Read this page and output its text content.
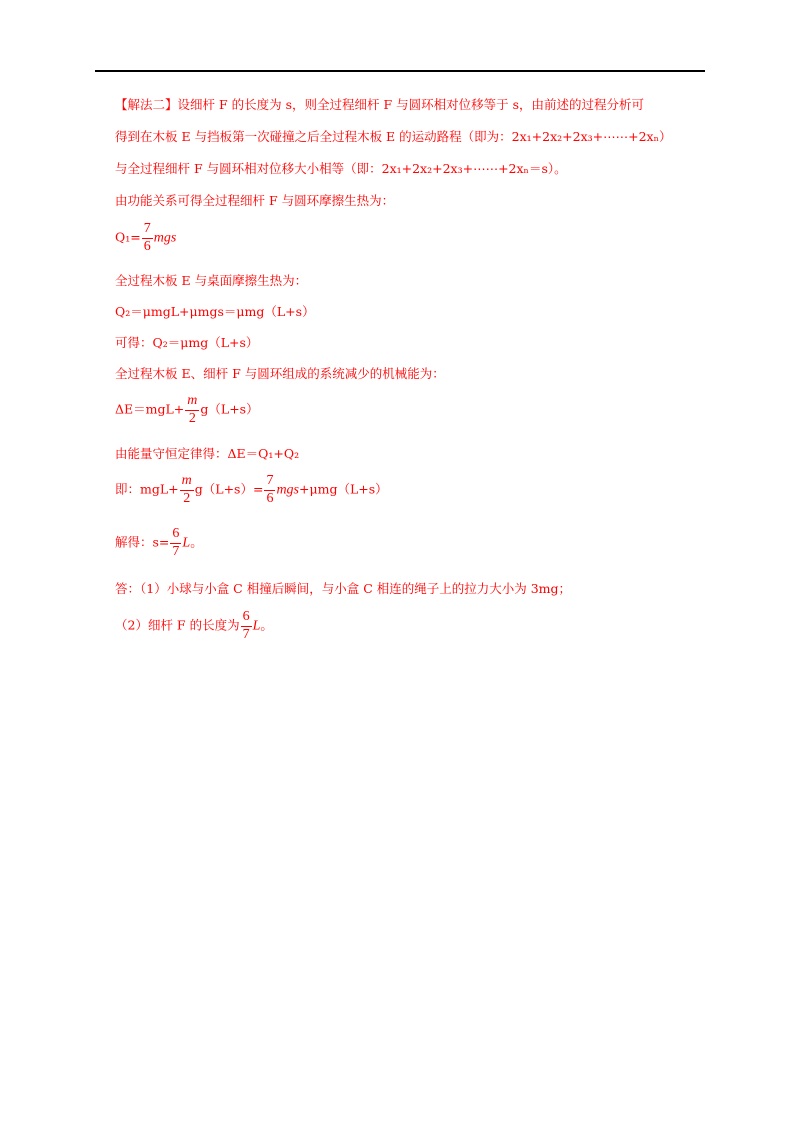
【解法二】设细杆 F 的长度为 s，则全过程细杆 F 与圆环相对位移等于 s，由前述的过程分析可
得到在木板 E 与挡板第一次碰撞之后全过程木板 E 的运动路程（即为：2x₁+2x₂+2x₃+⋯⋯+2xₙ）
与全过程细杆 F 与圆环相对位移大小相等（即：2x₁+2x₂+2x₃+⋯⋯+2xₙ＝s）。
由功能关系可得全过程细杆 F 与圆环摩擦生热为：
$Q_1= \frac{7}{6}$ mgs
全过程木板 E 与桌面摩擦生热为：
Q₂＝μmgL+μmgs＝μmg（L+s）
可得：Q₂＝μmg（L+s）
全过程木板 E、细杆 F 与圆环组成的系统减少的机械能为：
$\Delta E=mgL+ \frac{m}{2} g(L+s)$
由能量守恒定律得：ΔE＝Q₁+Q₂
即：$mgL+ \frac{m}{2} g(L+s)= \frac{7}{6} mgs+\mu mg(L+s)$
解得：$s= \frac{6}{7}$ L。
答：（1）小球与小盒 C 相撞后瞬间，与小盒 C 相连的绳子上的拉力大小为 3mg；
（2）细杆 F 的长度为 $\frac{6}{7}$ L。
